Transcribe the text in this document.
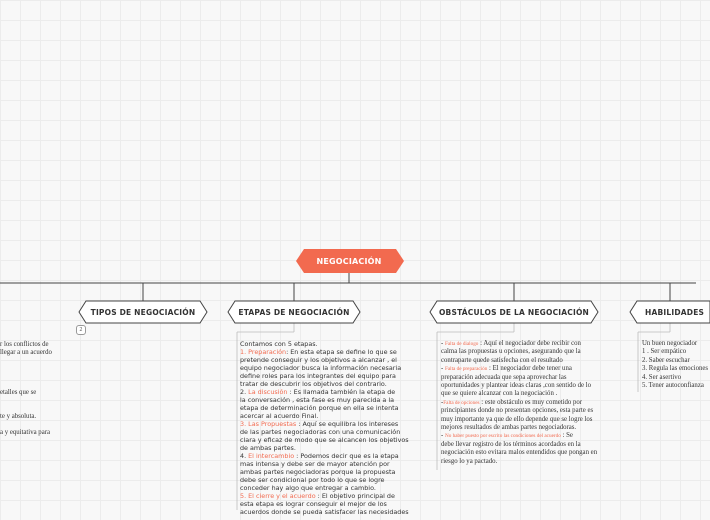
NEGOCIACIÓN
TIPOS DE NEGOCIACIÓN	ETAPAS DE NEGOCIACIÓN	OBSTÁCULOS DE LA NEGOCIACIÓN	HABILIDADES
2
r los conflictos de
llegar a un acuerdo
etalles que se
te y absoluta.
a y equitativa para
Contamos con 5 etapas.
1. Preparación: En esta etapa se define lo que se
pretende conseguir y los objetivos a alcanzar , el
equipo negociador busca la información necesaria
define roles para los integrantes del equipo para
tratar de descubrir los objetivos del contrario.
2. La discusión : Es llamada también la etapa de
la conversación , esta fase es muy parecida a la
etapa de determinación porque en ella se intenta
acercar al acuerdo Final.
3. Las Propuestas : Aquí se equilibra los intereses
de las partes negociadoras con una comunicación
clara y eficaz de modo que se alcancen los objetivos
de ambas partes.
4. El intercambio : Podemos decir que es la etapa
mas intensa y debe ser de mayor atención por
ambas partes negociadoras porque la propuesta
debe ser condicional por todo lo que se logre
conceder hay algo que entregar a cambio.
5. El cierre y el acuerdo : El objetivo principal de
esta etapa es lograr conseguir el mejor de los
acuerdos donde se pueda satisfacer las necesidades
- Falta de dialogo : Aquí el negociador debe recibir con
calma las propuestas u opciones, asegurando que la
contraparte quede satisfecha con el resultado
- Falta de preparación : El negociador debe tener una
preparación adecuada que sepa aprovechar las
oportunidades y plantear ideas claras ,con sentido de lo
que se quiere alcanzar con la negociación .
-Falta de opciones : este obstáculo es muy cometido por
principiantes donde no presentan opciones, esta parte es
muy importante ya que de ello depende que se logre los
mejores resultados de ambas partes negociadoras.
- No haber puesto por escrito las condiciones del acuerdo : Se
debe llevar registro de los términos acordados en la
negociación esto evitara malos entendidos que pongan en
riesgo lo ya pactado.
Un buen negociador
1 . Ser empático
2. Saber escuchar
3. Regula las emociones
4. Ser asertivo
5. Tener autoconfianza
